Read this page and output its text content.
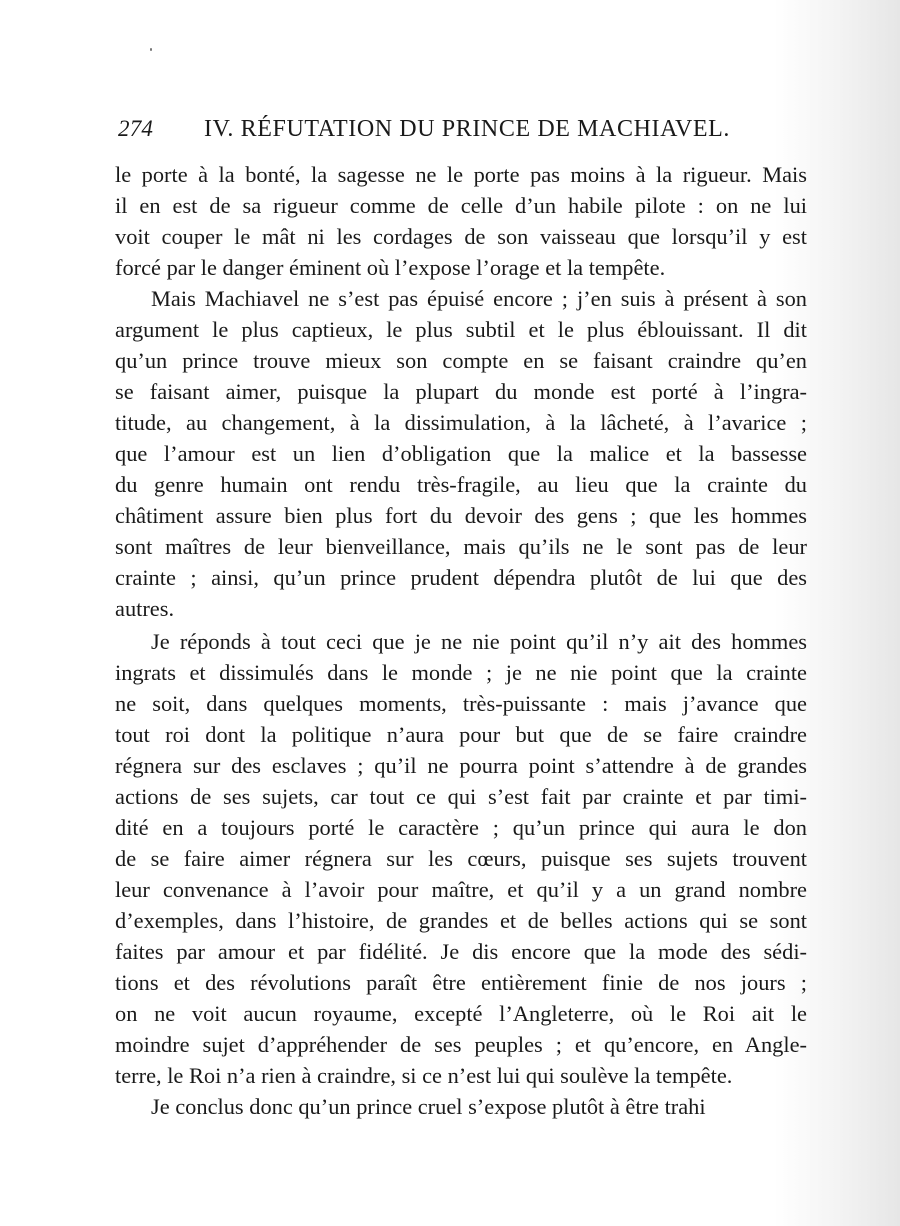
274 IV. RÉFUTATION DU PRINCE DE MACHIAVEL.
le porte à la bonté, la sagesse ne le porte pas moins à la rigueur. Mais
il en est de sa rigueur comme de celle d’un habile pilote : on ne lui
voit couper le mât ni les cordages de son vaisseau que lorsqu’il y est
forcé par le danger éminent où l’expose l’orage et la tempête.
Mais Machiavel ne s’est pas épuisé encore ; j’en suis à présent à son
argument le plus captieux, le plus subtil et le plus éblouissant. Il dit
qu’un prince trouve mieux son compte en se faisant craindre qu’en
se faisant aimer, puisque la plupart du monde est porté à l’ingra-
titude, au changement, à la dissimulation, à la lâcheté, à l’avarice ;
que l’amour est un lien d’obligation que la malice et la bassesse
du genre humain ont rendu très-fragile, au lieu que la crainte du
châtiment assure bien plus fort du devoir des gens ; que les hommes
sont maîtres de leur bienveillance, mais qu’ils ne le sont pas de leur
crainte ; ainsi, qu’un prince prudent dépendra plutôt de lui que des
autres.
Je réponds à tout ceci que je ne nie point qu’il n’y ait des hommes
ingrats et dissimulés dans le monde ; je ne nie point que la crainte
ne soit, dans quelques moments, très-puissante : mais j’avance que
tout roi dont la politique n’aura pour but que de se faire craindre
régnera sur des esclaves ; qu’il ne pourra point s’attendre à de grandes
actions de ses sujets, car tout ce qui s’est fait par crainte et par timi-
dité en a toujours porté le caractère ; qu’un prince qui aura le don
de se faire aimer régnera sur les cœurs, puisque ses sujets trouvent
leur convenance à l’avoir pour maître, et qu’il y a un grand nombre
d’exemples, dans l’histoire, de grandes et de belles actions qui se sont
faites par amour et par fidélité. Je dis encore que la mode des sédi-
tions et des révolutions paraît être entièrement finie de nos jours ;
on ne voit aucun royaume, excepté l’Angleterre, où le Roi ait le
moindre sujet d’appréhender de ses peuples ; et qu’encore, en Angle-
terre, le Roi n’a rien à craindre, si ce n’est lui qui soulève la tempête.
Je conclus donc qu’un prince cruel s’expose plutôt à être trahi
